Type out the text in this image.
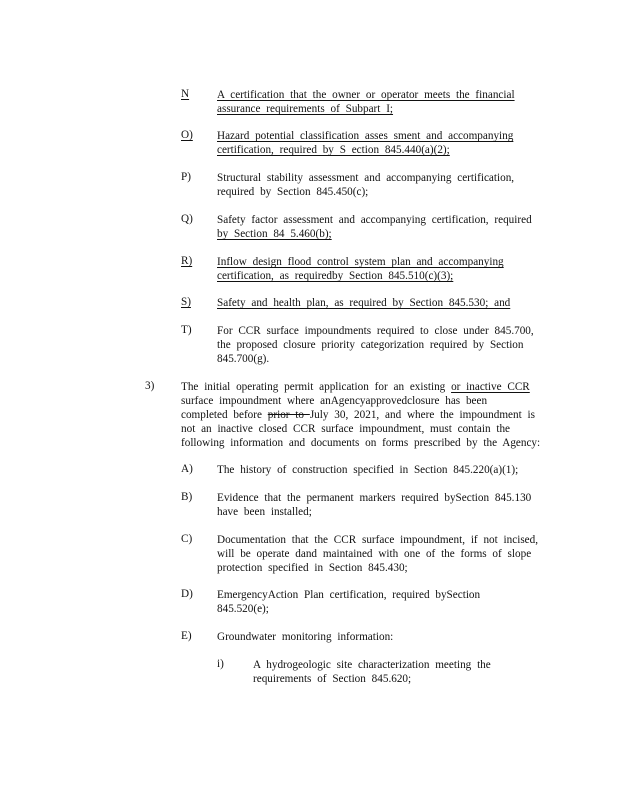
N A certification that the owner or operator meets the financial

assurance requirements of Subpart I;

O) Hazard potential classification asses sment and accompanying

certification, required by S ection 845.440(a)(2);

P) Structural stability assessment and accompanying certification,

required by Section 845.450(c);

Q) Safety factor assessment and accompanying certification, required

by Section 84 5.460(b);

R) Inflow design flood control system plan and accompanying

certification, as requiredby Section 845.510(c)(3);

S) Safety and health plan, as required by Section 845.530; and

T) For CCR surface impoundments required to close under 845.700,

the proposed closure priority categorization required by Section

845.700(g).

3) The initial operating permit application for an existing or inactive CCR

surface impoundment where anAgencyapprovedclosure has been

completed before prior to July 30, 2021, and where the impoundment is

not an inactive closed CCR surface impoundment, must contain the

following information and documents on forms prescribed by the Agency:

A) The history of construction specified in Section 845.220(a)(1);

B) Evidence that the permanent markers required bySection 845.130

have been installed;

C) Documentation that the CCR surface impoundment, if not incised,

will be operate dand maintained with one of the forms of slope

protection specified in Section 845.430;

D) EmergencyAction Plan certification, required bySection

845.520(e);

E) Groundwater monitoring information:

i)	A hydrogeologic site characterization meeting the

requirements of Section 845.620;
